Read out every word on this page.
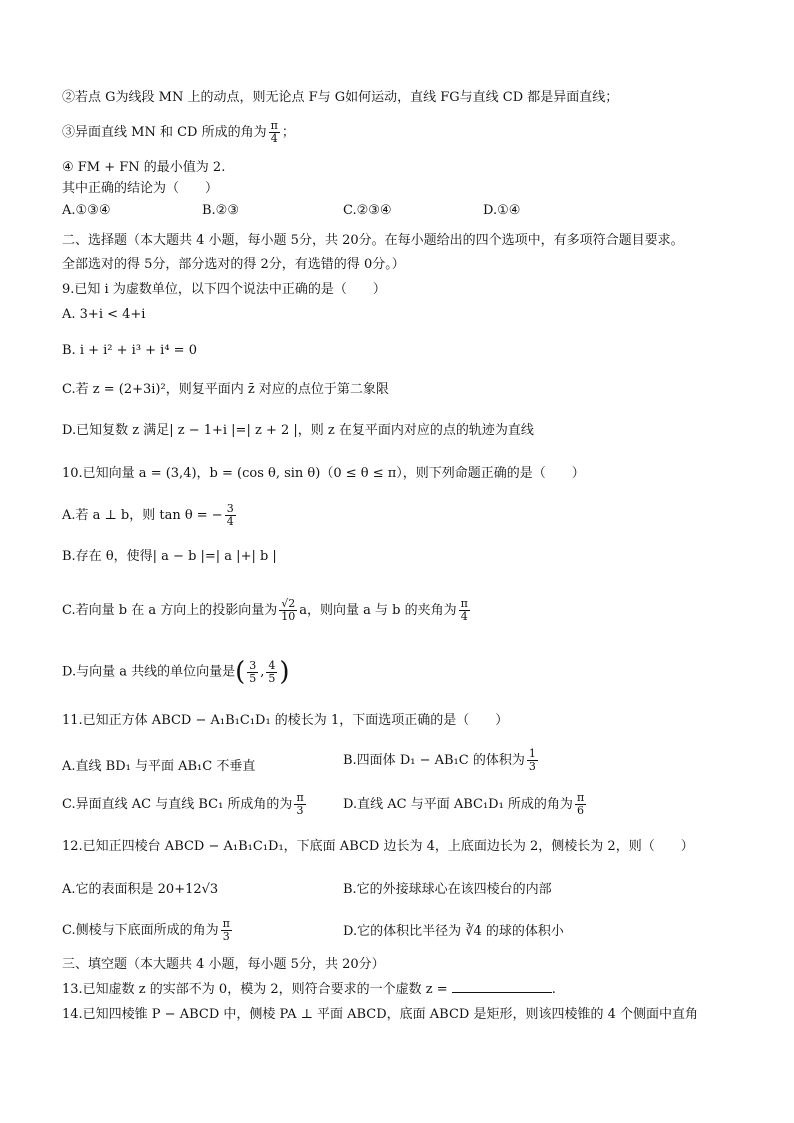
②若点 G为线段 MN 上的动点，则无论点 F与 G如何运动，直线 FG与直线 CD 都是异面直线；
③异面直线 MN 和 CD 所成的角为 $\frac{\pi}{4}$ ；
④ FM + FN 的最小值为 2.
其中正确的结论为（　　）
A.①③④	B.②③	C.②③④	D.①④
二、选择题（本大题共 4 小题，每小题 5分，共 20分。在每小题给出的四个选项中，有多项符合题目要求。
全部选对的得 5分，部分选对的得 2分，有选错的得 0分。）
9.已知 i 为虚数单位，以下四个说法中正确的是（　　）
A. 3+i < 4+i
B. i + i² + i³ + i⁴ = 0
C.若 z = (2+3i)²，则复平面内 z̄ 对应的点位于第二象限
D.已知复数 z 满足| z − 1+i |=| z + 2 |，则 z 在复平面内对应的点的轨迹为直线
10.已知向量 a = (3,4)，b = (cos θ, sin θ)（0 ≤ θ ≤ π），则下列命题正确的是（　　）
A.若 a ⊥ b，则 tan θ = − $\frac{3}{4}$
B.存在 θ，使得| a − b |=| a |+| b |
C.若向量 b 在 a 方向上的投影向量为 $\frac{√2}{10}$ a，则向量 a 与 b 的夹角为 $\frac{\pi}{4}$
D.与向量 a 共线的单位向量是( $\frac{3}{5}$ , $\frac{4}{5}$ )
11.已知正方体 ABCD − A₁B₁C₁D₁ 的棱长为 1，下面选项正确的是（　　）
A.直线 BD₁ 与平面 AB₁C 不垂直	B.四面体 D₁ − AB₁C 的体积为 $\frac{1}{3}$
C.异面直线 AC 与直线 BC₁ 所成角的为 $\frac{\pi}{3}$	D.直线 AC 与平面 ABC₁D₁ 所成的角为 $\frac{\pi}{6}$
12.已知正四棱台 ABCD − A₁B₁C₁D₁，下底面 ABCD 边长为 4，上底面边长为 2，侧棱长为 2，则（　　）
A.它的表面积是 20+12√3	B.它的外接球球心在该四棱台的内部
C.侧棱与下底面所成的角为 $\frac{\pi}{3}$	D.它的体积比半径为 ∛4 的球的体积小
三、填空题（本大题共 4 小题，每小题 5分，共 20分）
13.已知虚数 z 的实部不为 0，模为 2，则符合要求的一个虚数 z =	.
14.已知四棱锥 P − ABCD 中，侧棱 PA ⊥ 平面 ABCD，底面 ABCD 是矩形，则该四棱锥的 4 个侧面中直角
